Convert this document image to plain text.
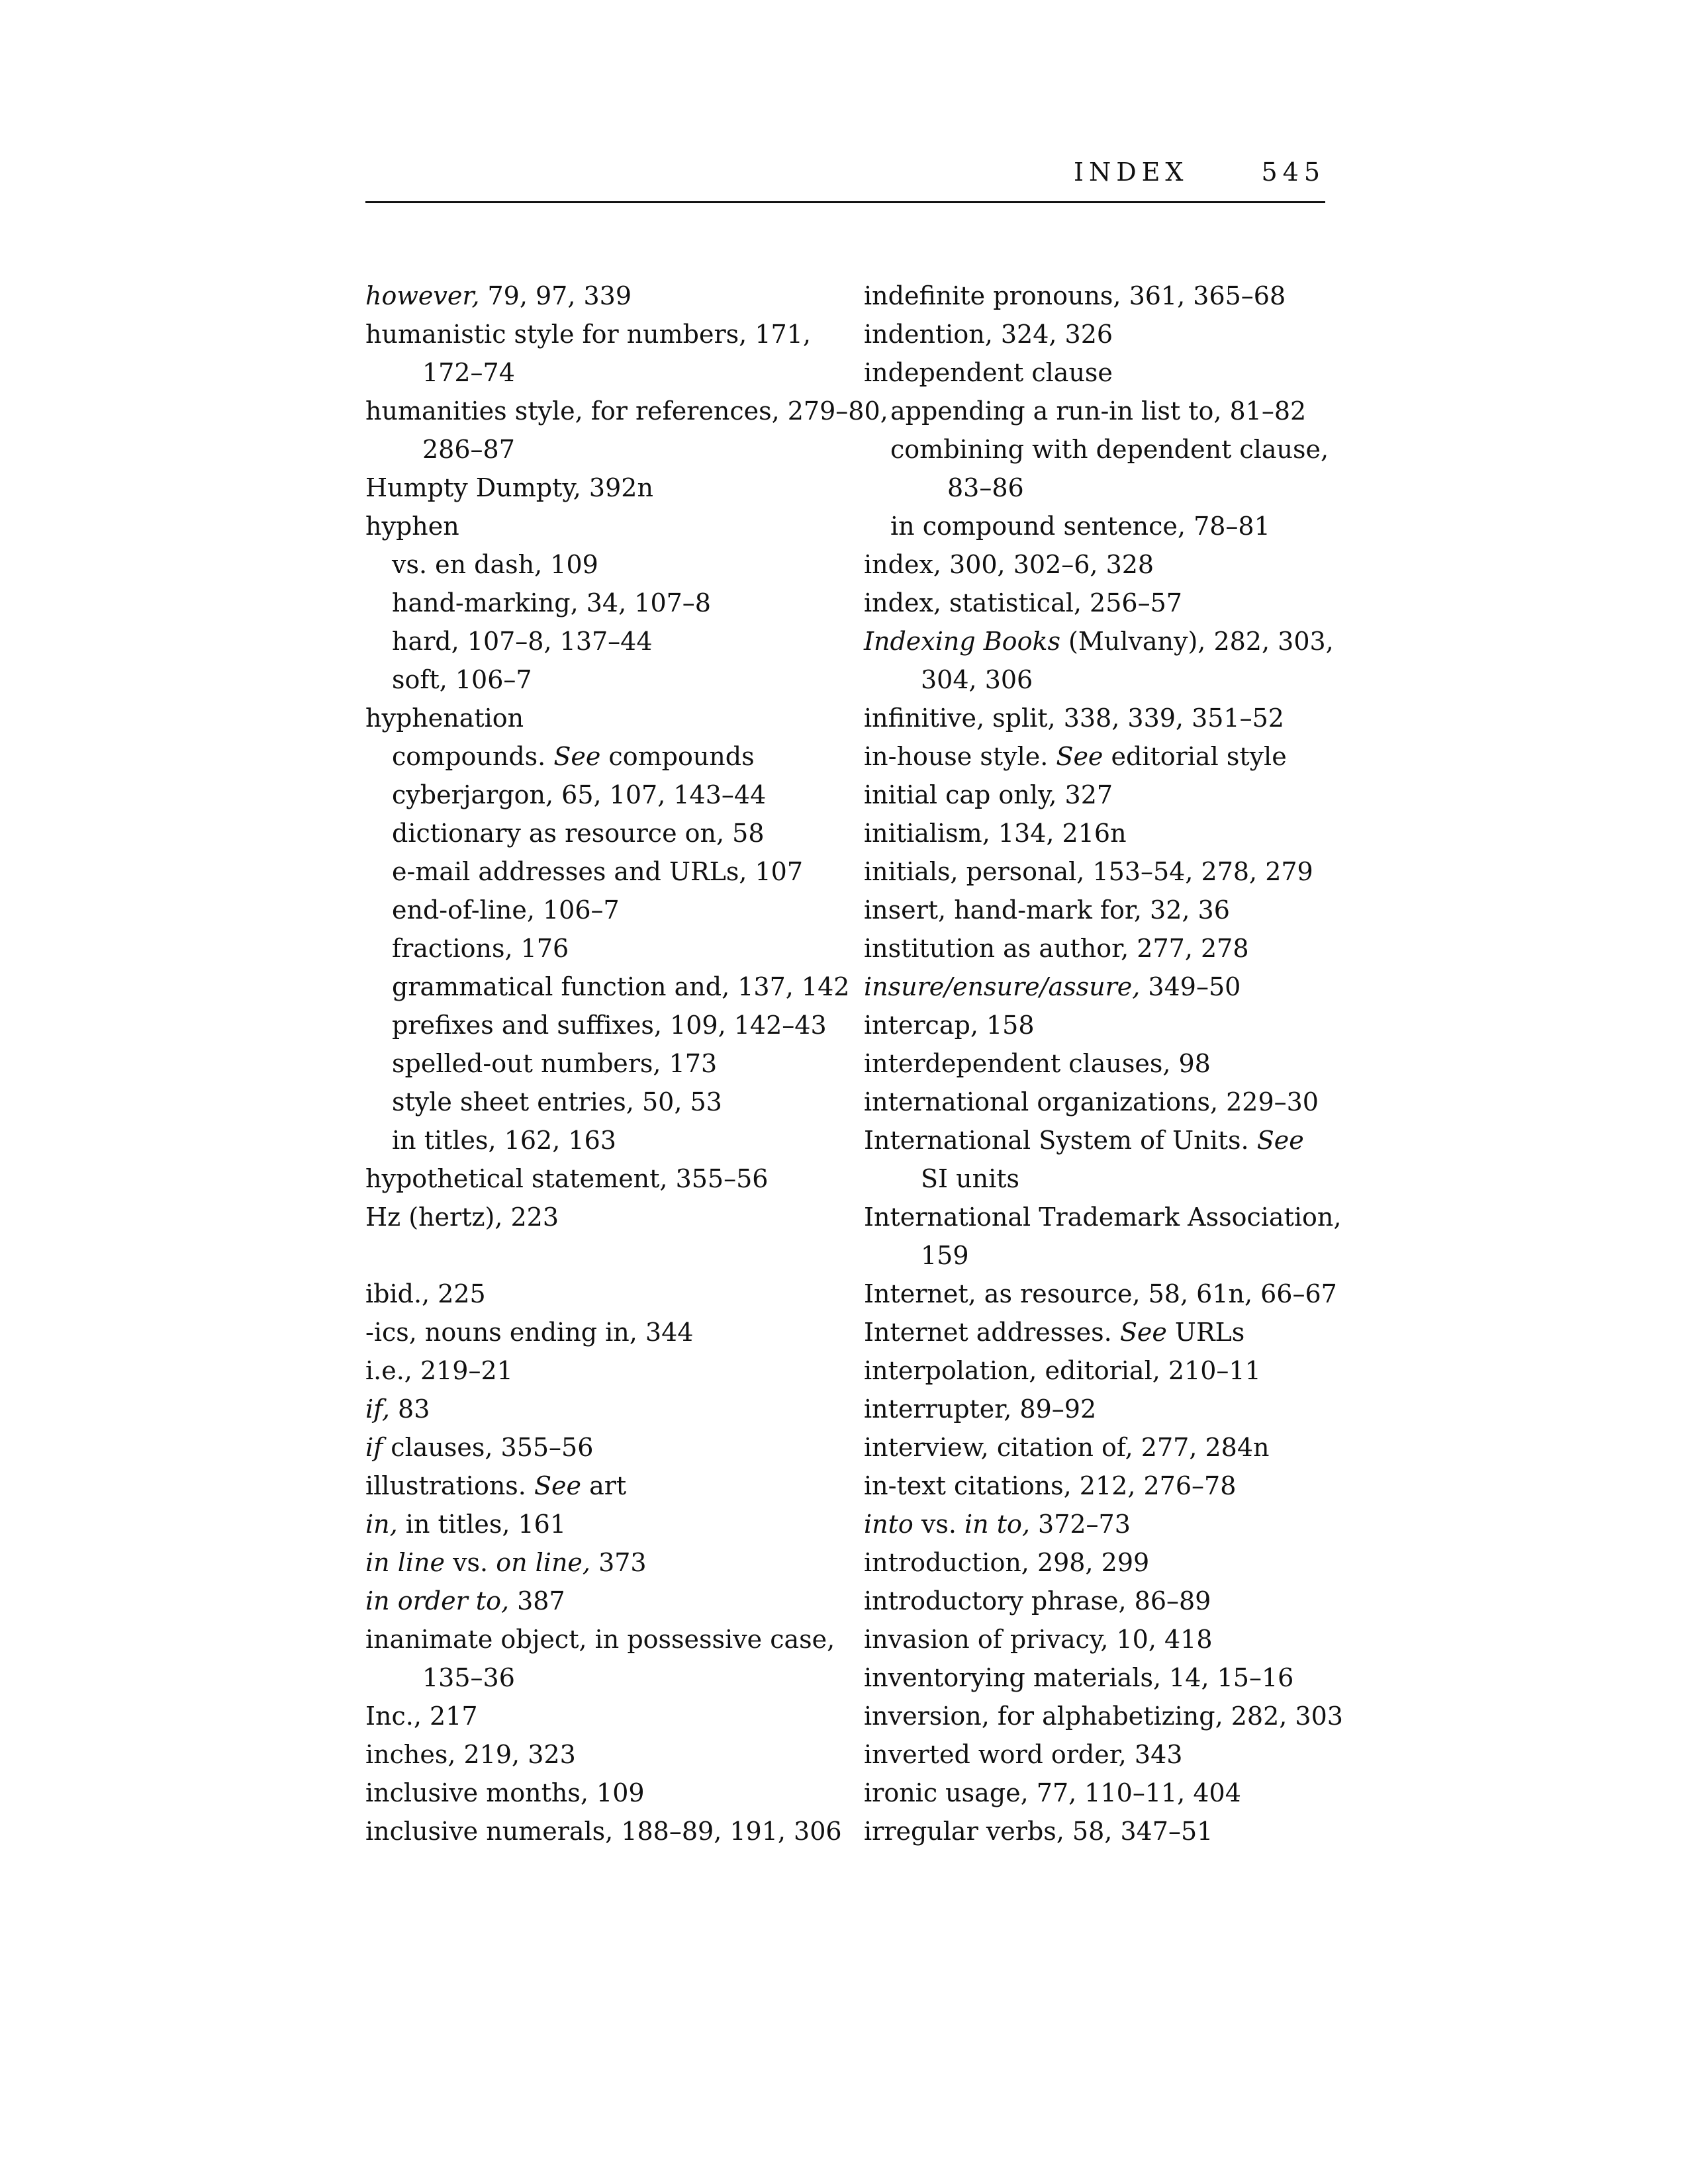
INDEX	545
however, 79, 97, 339
humanistic style for numbers, 171,
172–74
humanities style, for references, 279–80,
286–87
Humpty Dumpty, 392n
hyphen
vs. en dash, 109
hand-marking, 34, 107–8
hard, 107–8, 137–44
soft, 106–7
hyphenation
compounds. See compounds
cyberjargon, 65, 107, 143–44
dictionary as resource on, 58
e-mail addresses and URLs, 107
end-of-line, 106–7
fractions, 176
grammatical function and, 137, 142
prefixes and suffixes, 109, 142–43
spelled-out numbers, 173
style sheet entries, 50, 53
in titles, 162, 163
hypothetical statement, 355–56
Hz (hertz), 223
ibid., 225
-ics, nouns ending in, 344
i.e., 219–21
if, 83
if clauses, 355–56
illustrations. See art
in, in titles, 161
in line vs. on line, 373
in order to, 387
inanimate object, in possessive case,
135–36
Inc., 217
inches, 219, 323
inclusive months, 109
inclusive numerals, 188–89, 191, 306
indefinite pronouns, 361, 365–68
indention, 324, 326
independent clause
appending a run-in list to, 81–82
combining with dependent clause,
83–86
in compound sentence, 78–81
index, 300, 302–6, 328
index, statistical, 256–57
Indexing Books (Mulvany), 282, 303,
304, 306
infinitive, split, 338, 339, 351–52
in-house style. See editorial style
initial cap only, 327
initialism, 134, 216n
initials, personal, 153–54, 278, 279
insert, hand-mark for, 32, 36
institution as author, 277, 278
insure/ensure/assure, 349–50
intercap, 158
interdependent clauses, 98
international organizations, 229–30
International System of Units. See
SI units
International Trademark Association,
159
Internet, as resource, 58, 61n, 66–67
Internet addresses. See URLs
interpolation, editorial, 210–11
interrupter, 89–92
interview, citation of, 277, 284n
in-text citations, 212, 276–78
into vs. in to, 372–73
introduction, 298, 299
introductory phrase, 86–89
invasion of privacy, 10, 418
inventorying materials, 14, 15–16
inversion, for alphabetizing, 282, 303
inverted word order, 343
ironic usage, 77, 110–11, 404
irregular verbs, 58, 347–51
